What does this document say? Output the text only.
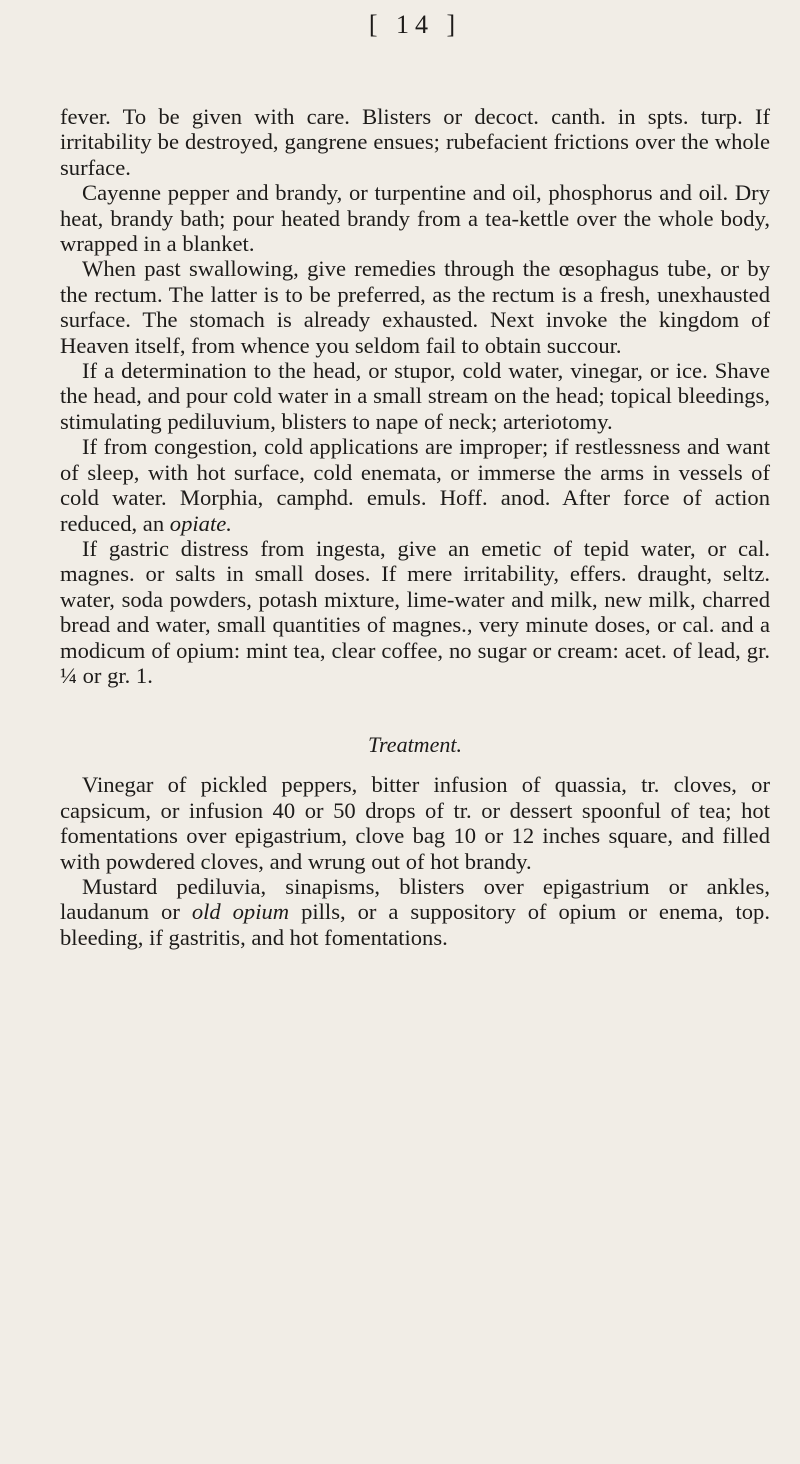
[ 14 ]

fever. To be given with care. Blisters or decoct. canth. in spts. turp. If irritability be destroyed, gangrene ensues; rubefacient frictions over the whole surface.

Cayenne pepper and brandy, or turpentine and oil, phosphorus and oil. Dry heat, brandy bath; pour heated brandy from a tea-kettle over the whole body, wrapped in a blanket.

When past swallowing, give remedies through the œsophagus tube, or by the rectum. The latter is to be preferred, as the rectum is a fresh, unexhausted surface. The stomach is already exhausted. Next invoke the kingdom of Heaven itself, from whence you seldom fail to obtain succour.

If a determination to the head, or stupor, cold water, vinegar, or ice. Shave the head, and pour cold water in a small stream on the head; topical bleedings, stimulating pediluvium, blisters to nape of neck; arteriotomy.

If from congestion, cold applications are improper; if restlessness and want of sleep, with hot surface, cold enemata, or immerse the arms in vessels of cold water. Morphia, camphd. emuls. Hoff. anod. After force of action reduced, an opiate.

If gastric distress from ingesta, give an emetic of tepid water, or cal. magnes. or salts in small doses. If mere irritability, effers. draught, seltz. water, soda powders, potash mixture, lime-water and milk, new milk, charred bread and water, small quantities of magnes., very minute doses, or cal. and a modicum of opium: mint tea, clear coffee, no sugar or cream: acet. of lead, gr. ¼ or gr. 1.

Treatment.

Vinegar of pickled peppers, bitter infusion of quassia, tr. cloves, or capsicum, or infusion 40 or 50 drops of tr. or dessert spoonful of tea; hot fomentations over epigastrium, clove bag 10 or 12 inches square, and filled with powdered cloves, and wrung out of hot brandy.

Mustard pediluvia, sinapisms, blisters over epigastrium or ankles, laudanum or old opium pills, or a suppository of opium or enema, top. bleeding, if gastritis, and hot fomentations.
